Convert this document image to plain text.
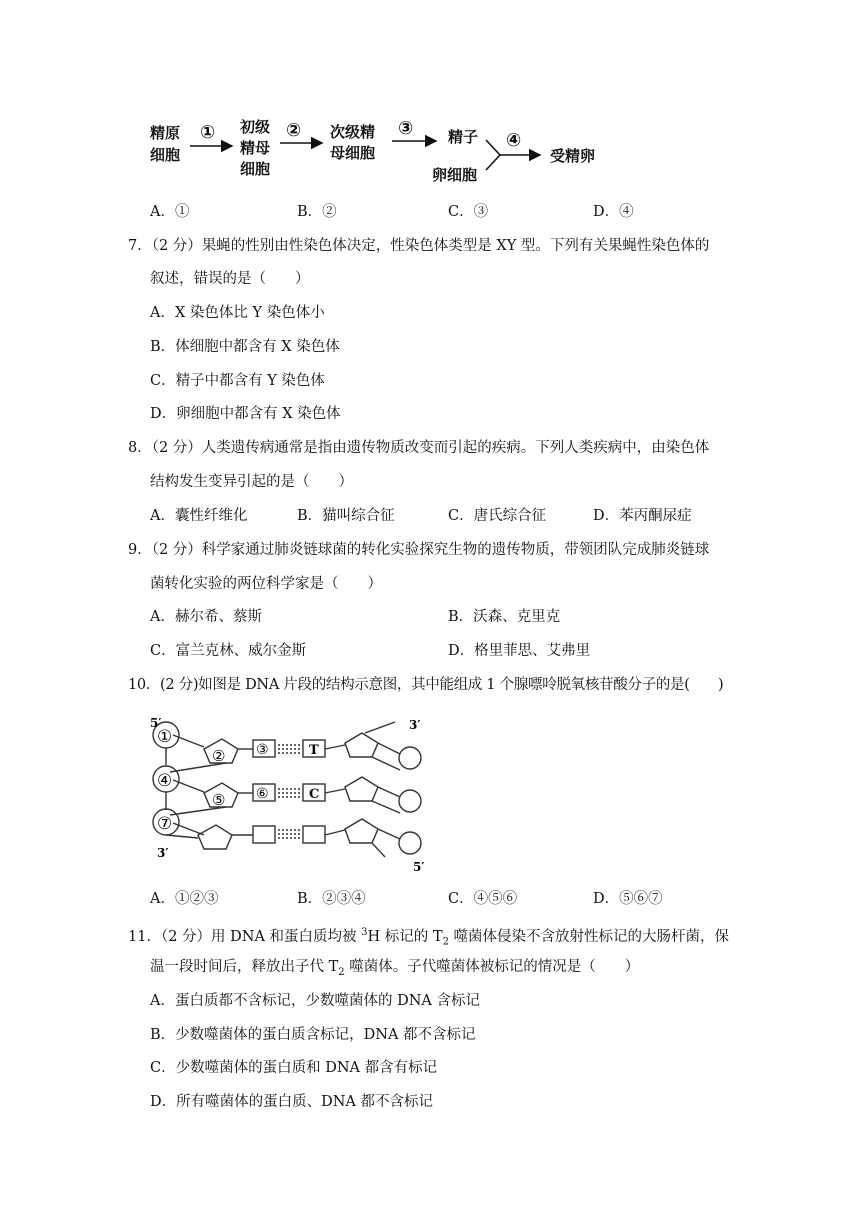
精原
细胞
① 初级
精母
细胞
② 次级精
母细胞
③ 精子
卵细胞
④
受精卵
A．①	B．②	C．③	D．④
7．（2 分）果蝇的性别由性染色体决定，性染色体类型是 XY 型。下列有关果蝇性染色体的
叙述，错误的是（　　）
A．X 染色体比 Y 染色体小
B．体细胞中都含有 X 染色体
C．精子中都含有 Y 染色体
D．卵细胞中都含有 X 染色体
8．（2 分）人类遗传病通常是指由遗传物质改变而引起的疾病。下列人类疾病中，由染色体
结构发生变异引起的是（　　）
A．囊性纤维化	B．猫叫综合征	C．唐氏综合征	D．苯丙酮尿症
9．（2 分）科学家通过肺炎链球菌的转化实验探究生物的遗传物质，带领团队完成肺炎链球
菌转化实验的两位科学家是（　　）
A．赫尔希、蔡斯	B．沃森、克里克
C．富兰克林、威尔金斯	D．格里菲思、艾弗里
10．(2 分)如图是 DNA 片段的结构示意图，其中能组成 1 个腺嘌呤脱氧核苷酸分子的是(　　)
5′	3′
3′
5′
①
② ③
④
⑤ ⑥
⑦
T
C
A．①②③	B．②③④	C．④⑤⑥	D．⑤⑥⑦
11．（2 分）用 DNA 和蛋白质均被 $^3$H 标记的 $T_2$ 噬菌体侵染不含放射性标记的大肠杆菌，保
温一段时间后，释放出子代 $T_2$ 噬菌体。子代噬菌体被标记的情况是（　　）
A．蛋白质都不含标记，少数噬菌体的 DNA 含标记
B．少数噬菌体的蛋白质含标记，DNA 都不含标记
C．少数噬菌体的蛋白质和 DNA 都含有标记
D．所有噬菌体的蛋白质、DNA 都不含标记
